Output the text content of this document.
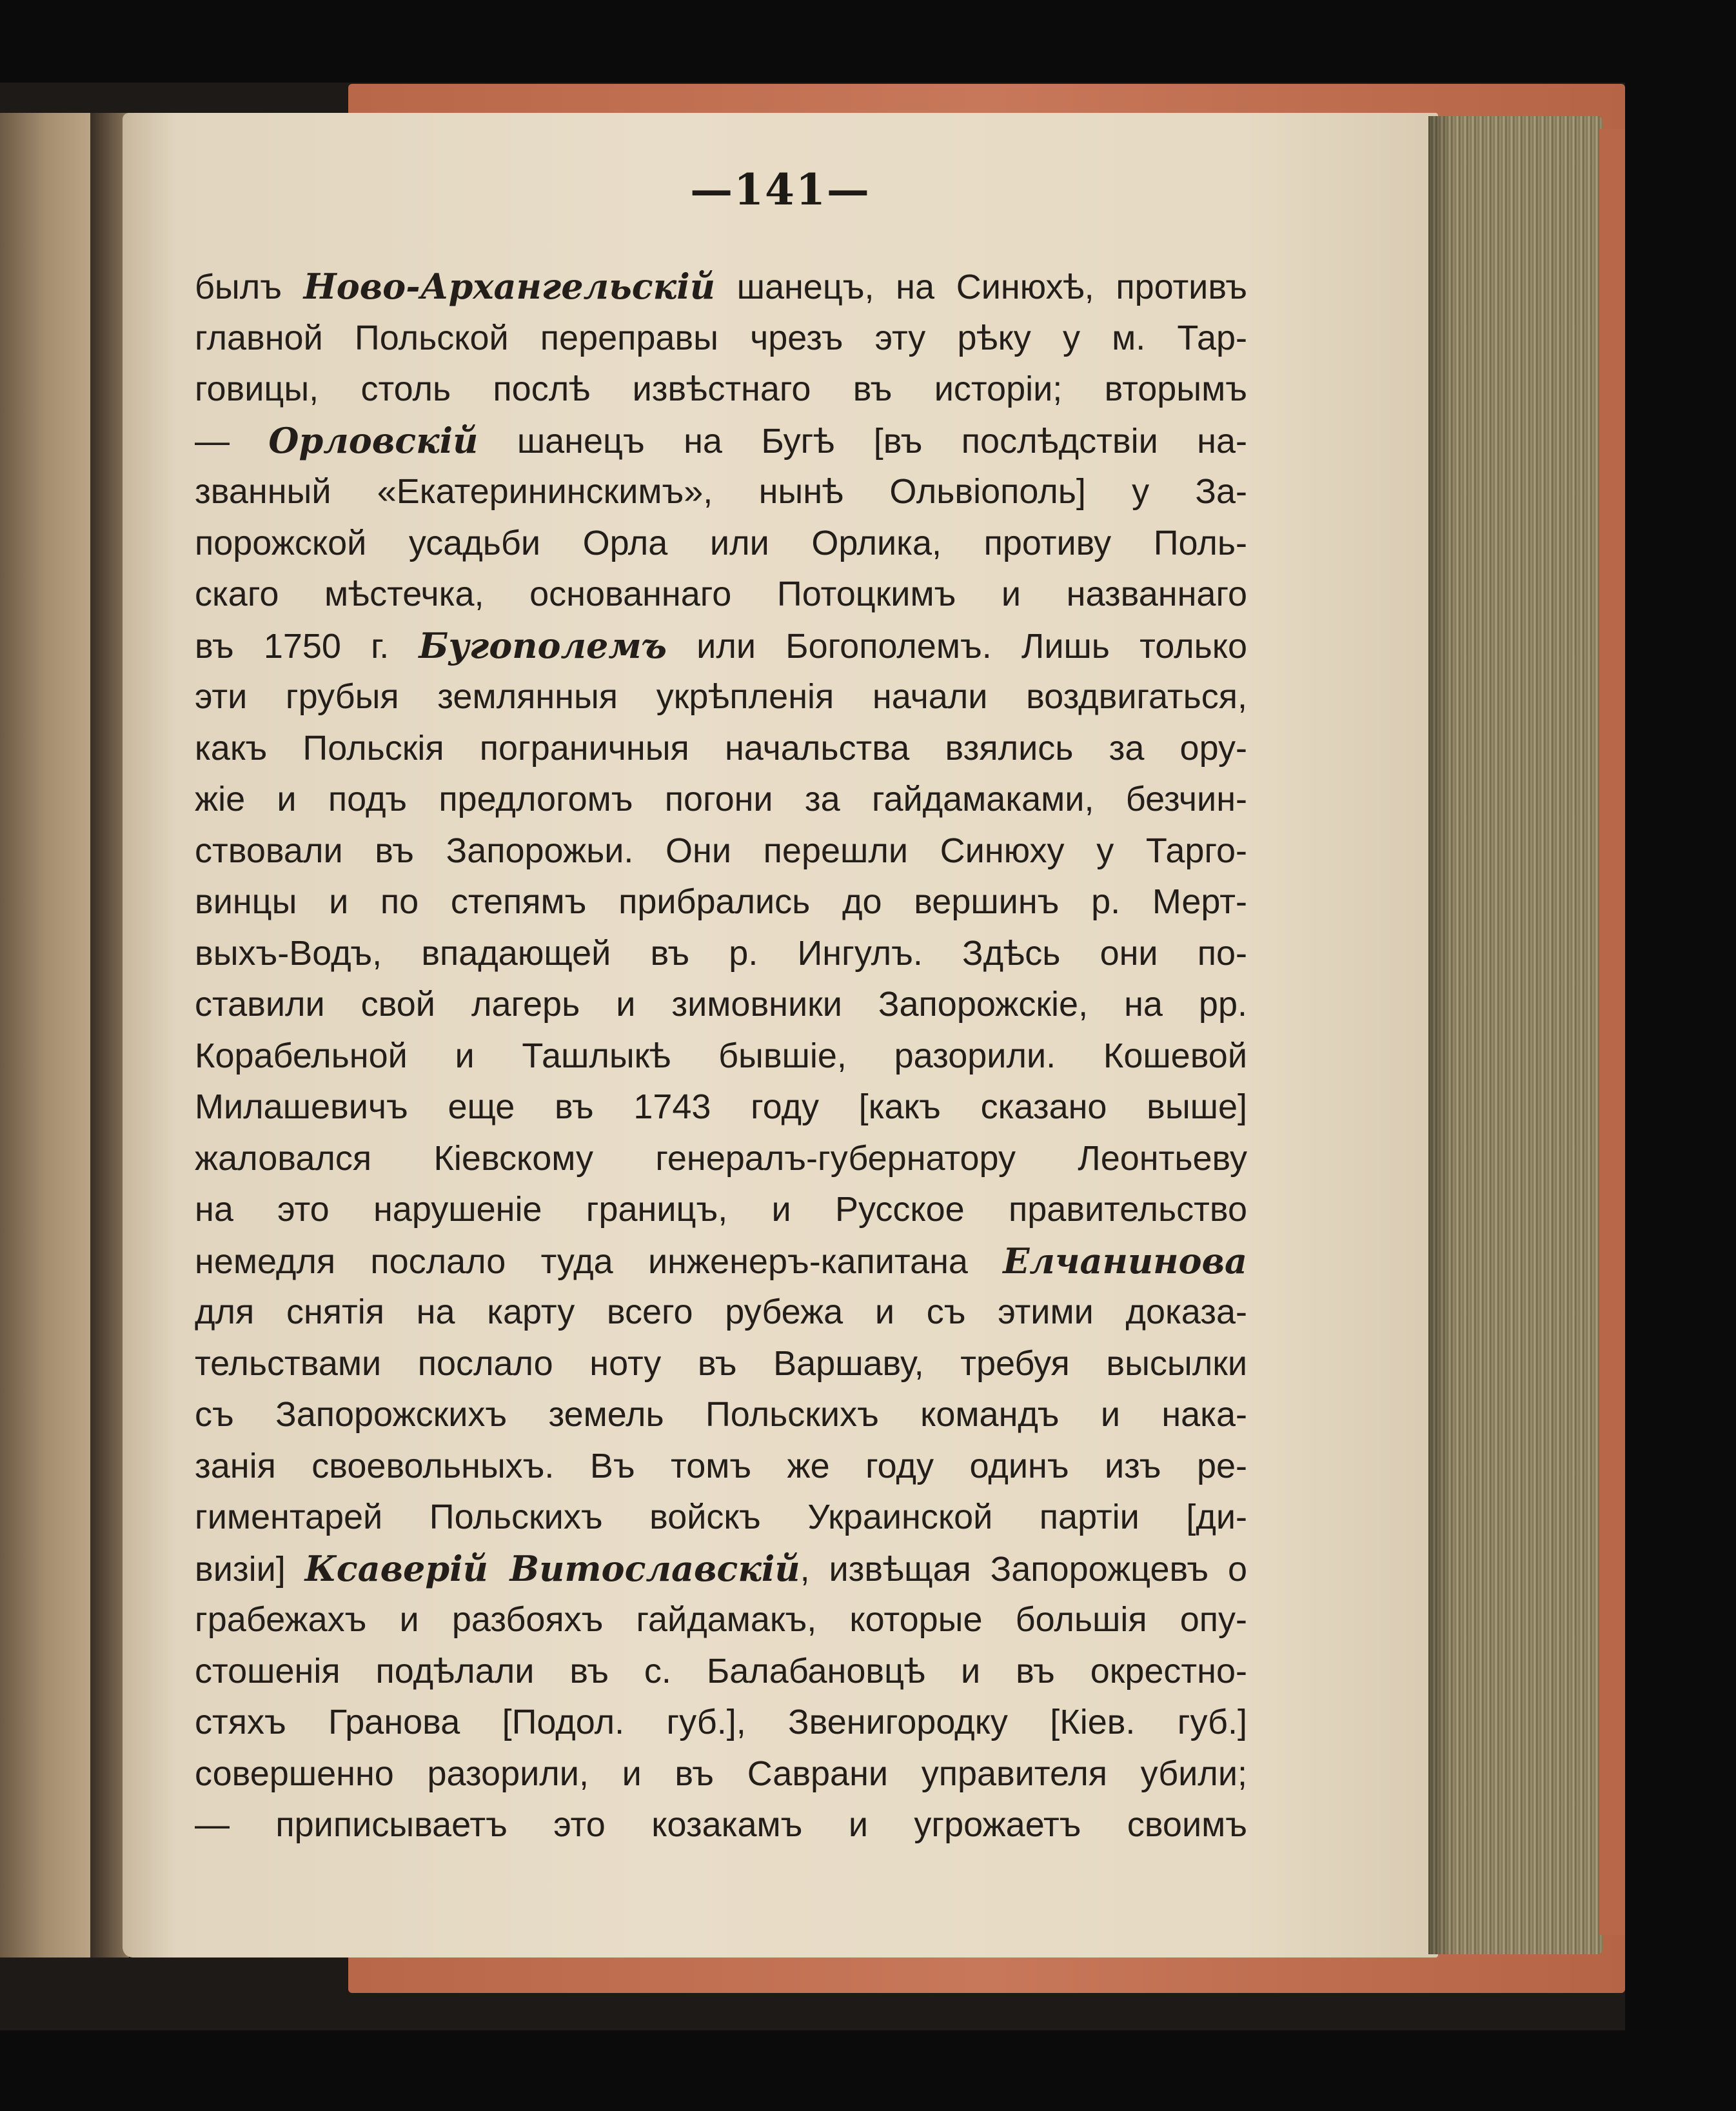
—141—
былъ Ново-Архангельскій шанецъ, на Синюхѣ, противъ
главной Польской переправы чрезъ эту рѣку у м. Тар-
говицы, столь послѣ извѣстнаго въ исторіи; вторымъ
— Орловскій шанецъ на Бугѣ [въ послѣдствіи на-
званный «Екатерининскимъ», нынѣ Ольвіополь] у За-
порожской усадьби Орла или Орлика, противу Поль-
скаго мѣстечка, основаннаго Потоцкимъ и названнаго
въ 1750 г. Бугополемъ или Богополемъ. Лишь только
эти грубыя землянныя укрѣпленія начали воздвигаться,
какъ Польскія пограничныя начальства взялись за ору-
жіе и подъ предлогомъ погони за гайдамаками, безчин-
ствовали въ Запорожьи. Они перешли Синюху у Тарго-
винцы и по степямъ прибрались до вершинъ р. Мерт-
выхъ-Водъ, впадающей въ р. Ингулъ. Здѣсь они по-
ставили свой лагерь и зимовники Запорожскіе, на рр.
Корабельной и Ташлыкѣ бывшіе, разорили. Кошевой
Милашевичъ еще въ 1743 году [какъ сказано выше]
жаловался Кіевскому генералъ-губернатору Леонтьеву
на это нарушеніе границъ, и Русское правительство
немедля послало туда инженеръ-капитана Елчанинова
для снятія на карту всего рубежа и съ этими доказа-
тельствами послало ноту въ Варшаву, требуя высылки
съ Запорожскихъ земель Польскихъ командъ и нака-
занія своевольныхъ. Въ томъ же году одинъ изъ ре-
гиментарей Польскихъ войскъ Украинской партіи [ди-
визіи] Ксаверій Витославскій, извѣщая Запорожцевъ о
грабежахъ и разбояхъ гайдамакъ, которые большія опу-
стошенія подѣлали въ с. Балабановцѣ и въ окрестно-
стяхъ Гранова [Подол. губ.], Звенигородку [Кіев. губ.]
совершенно разорили, и въ Саврани управителя убили;
— приписываетъ это козакамъ и угрожаетъ своимъ
